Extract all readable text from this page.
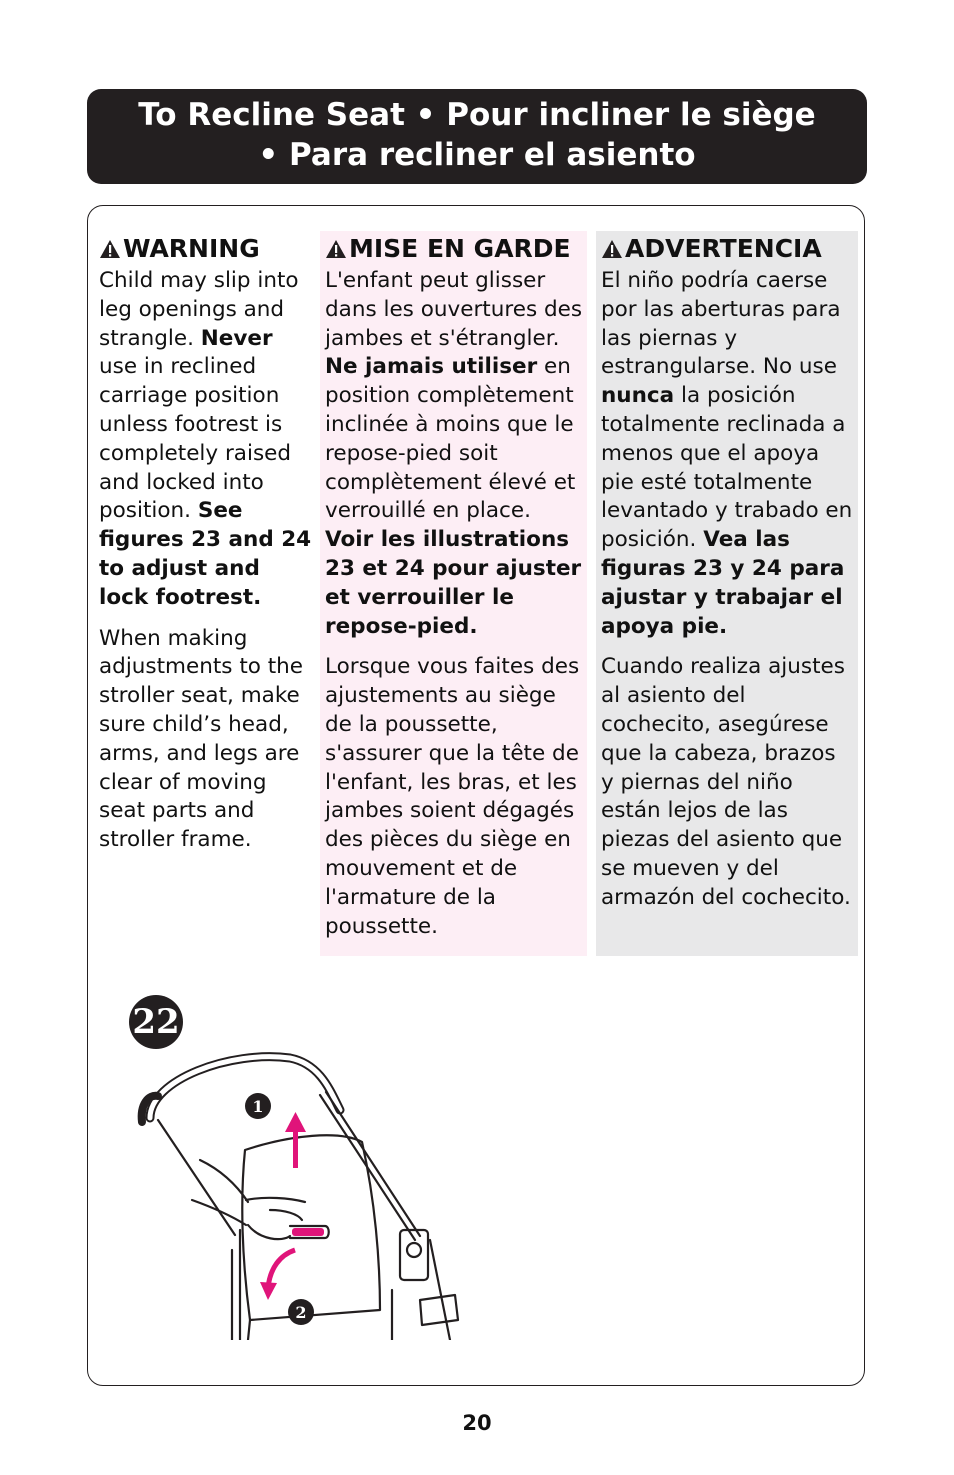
To Recline Seat • Pour incliner le siège
• Para recliner el asiento
WARNING

Child may slip into leg openings and strangle. Never use in reclined carriage position unless footrest is completely raised and locked into position. See figures 23 and 24 to adjust and lock footrest.

When making adjustments to the stroller seat, make sure child’s head, arms, and legs are clear of moving seat parts and stroller frame.

MISE EN GARDE

L'enfant peut glisser dans les ouvertures des jambes et s'étrangler. Ne jamais utiliser en position complètement inclinée à moins que le repose-pied soit complètement élevé et verrouillé en place. Voir les illustrations 23 et 24 pour ajuster et verrouiller le repose-pied.

Lorsque vous faites des ajustements au siège de la poussette, s'assurer que la tête de l'enfant, les bras, et les jambes soient dégagés des pièces du siège en mouvement et de l'armature de la poussette.

ADVERTENCIA

El niño podría caerse por las aberturas para las piernas y estrangularse. No use nunca la posición totalmente reclinada a menos que el apoya pie esté totalmente levantado y trabado en posición. Vea las figuras 23 y 24 para ajustar y trabajar el apoya pie.

Cuando realiza ajustes al asiento del cochecito, asegúrese que la cabeza, brazos y piernas del niño están lejos de las piezas del asiento que se mueven y del armazón del cochecito.

22
1
2
20
